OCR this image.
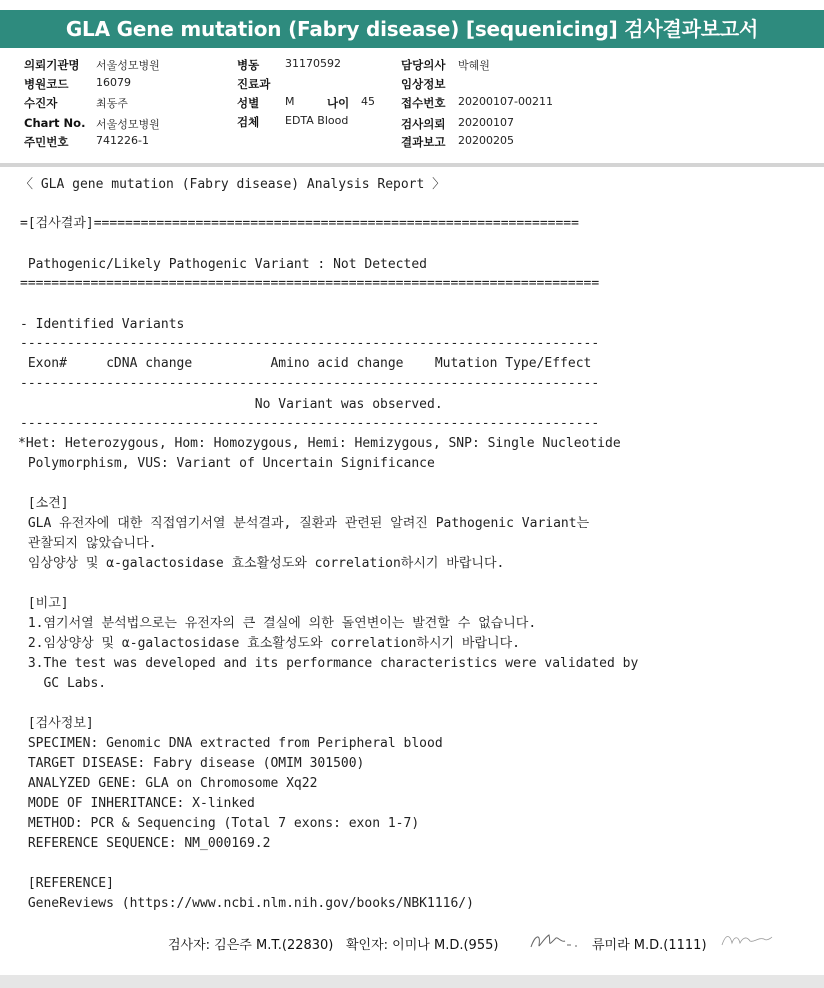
GLA Gene mutation (Fabry disease) [sequenicing] 검사결과보고서
의뢰기관명 서울성모병원
병원코드	16079
수진자	최동주
Chart No. 서울성모병원
주민번호	741226-1
병동 31170592
진료과
성별 M	나이 45
검체 EDTA Blood
담당의사 박혜원
임상정보
접수번호 20200107-00211
검사의뢰 20200107
결과보고 20200205
〈 GLA gene mutation (Fabry disease) Analysis Report 〉
=[검사결과]==============================================================
Pathogenic/Likely Pathogenic Variant : Not Detected
==========================================================================
- Identified Variants
--------------------------------------------------------------------------
Exon#     cDNA change          Amino acid change    Mutation Type/Effect
--------------------------------------------------------------------------
No Variant was observed.
--------------------------------------------------------------------------
*Het: Heterozygous, Hom: Homozygous, Hemi: Hemizygous, SNP: Single Nucleotide
Polymorphism, VUS: Variant of Uncertain Significance
[소견]
GLA 유전자에 대한 직접염기서열 분석결과, 질환과 관련된 알려진 Pathogenic Variant는
관찰되지 않았습니다.
임상양상 및 α-galactosidase 효소활성도와 correlation하시기 바랍니다.
[비고]
1.염기서열 분석법으로는 유전자의 큰 결실에 의한 돌연변이는 발견할 수 없습니다.
2.임상양상 및 α-galactosidase 효소활성도와 correlation하시기 바랍니다.
3.The test was developed and its performance characteristics were validated by
GC Labs.
[검사정보]
SPECIMEN: Genomic DNA extracted from Peripheral blood
TARGET DISEASE: Fabry disease (OMIM 301500)
ANALYZED GENE: GLA on Chromosome Xq22
MODE OF INHERITANCE: X-linked
METHOD: PCR & Sequencing (Total 7 exons: exon 1-7)
REFERENCE SEQUENCE: NM_000169.2
[REFERENCE]
GeneReviews (https://www.ncbi.nlm.nih.gov/books/NBK1116/)
검사자: 김은주 M.T.(22830) 확인자: 이미나 M.D.(955)	류미라 M.D.(1111)
